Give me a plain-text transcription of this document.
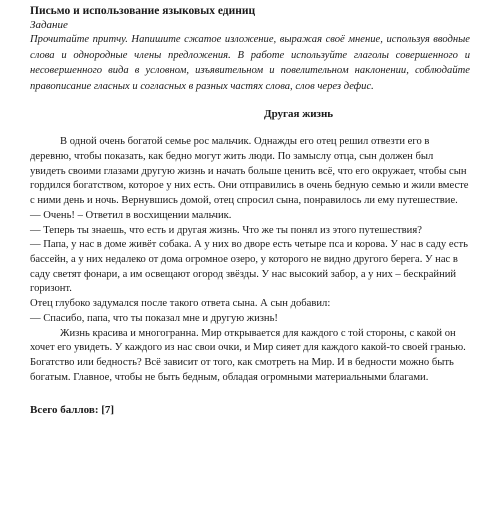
Письмо и использование языковых единиц

Задание

Прочитайте притчу. Напишите сжатое изложение, выражая своё мнение, используя вводные слова и однородные члены предложения. В работе используйте глаголы совершенного и несовершенного вида в условном, изъявительном и повелительном наклонении, соблюдайте правописание гласных и согласных в разных частях слова, слов через дефис.

Другая жизнь

В одной очень богатой семье рос мальчик. Однажды его отец решил отвезти его в деревню, чтобы показать, как бедно могут жить люди. По замыслу отца, сын должен был увидеть своими глазами другую жизнь и начать больше ценить всё, что его окружает, чтобы сын гордился богатством, которое у них есть. Они отправились в очень бедную семью и жили вместе с ними день и ночь. Вернувшись домой, отец спросил сына, понравилось ли ему путешествие.

— Очень! – Ответил в восхищении мальчик.

— Теперь ты знаешь, что есть и другая жизнь. Что же ты понял из этого путешествия?

— Папа, у нас в доме живёт собака. А у них во дворе есть четыре пса и корова. У нас в саду есть бассейн, а у них недалеко от дома огромное озеро, у которого не видно другого берега. У нас в саду светят фонари, а им освещают огород звёзды. У нас высокий забор, а у них – бескрайний горизонт.

Отец глубоко задумался после такого ответа сына. А сын добавил:

— Спасибо, папа, что ты показал мне и другую жизнь!

Жизнь красива и многогранна. Мир открывается для каждого с той стороны, с какой он хочет его увидеть. У каждого из нас свои очки, и Мир сияет для каждого какой-то своей гранью. Богатство или бедность? Всё зависит от того, как смотреть на Мир. И в бедности можно быть богатым. Главное, чтобы не быть бедным, обладая огромными материальными благами.

Всего баллов: [7]
